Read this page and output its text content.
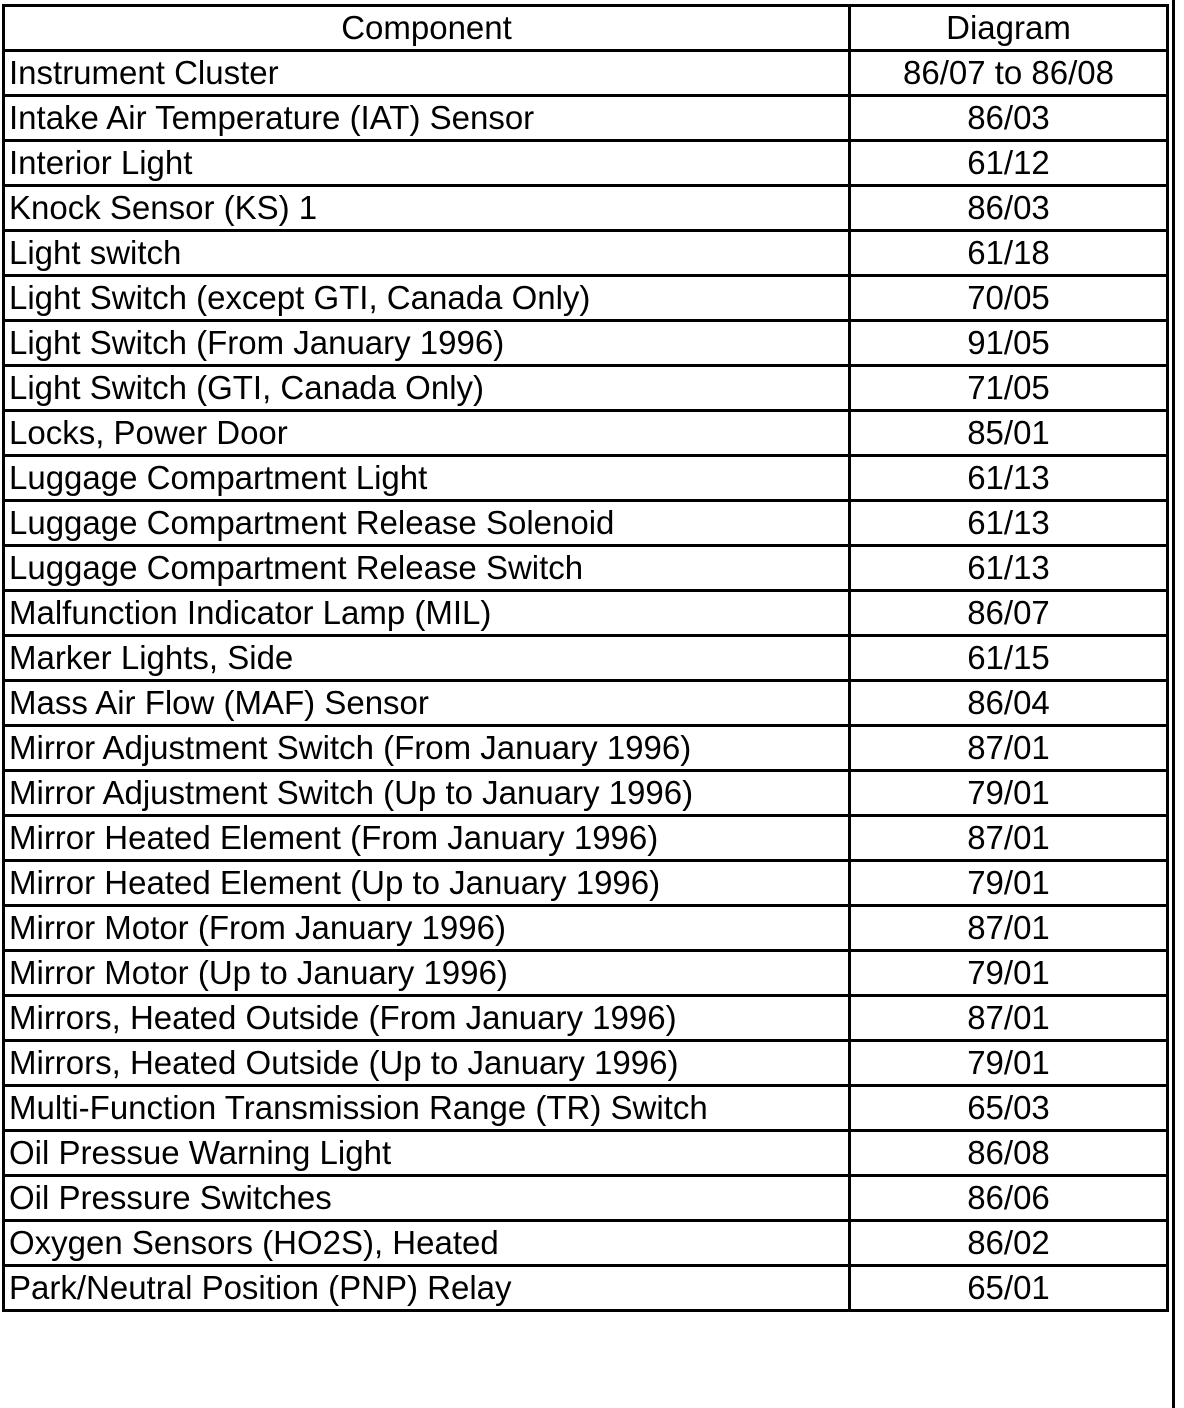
Component	Diagram
Instrument Cluster	86/07 to 86/08
Intake Air Temperature (IAT) Sensor	86/03
Interior Light	61/12
Knock Sensor (KS) 1	86/03
Light switch	61/18
Light Switch (except GTI, Canada Only)	70/05
Light Switch (From January 1996)	91/05
Light Switch (GTI, Canada Only)	71/05
Locks, Power Door	85/01
Luggage Compartment Light	61/13
Luggage Compartment Release Solenoid	61/13
Luggage Compartment Release Switch	61/13
Malfunction Indicator Lamp (MIL)	86/07
Marker Lights, Side	61/15
Mass Air Flow (MAF) Sensor	86/04
Mirror Adjustment Switch (From January 1996)	87/01
Mirror Adjustment Switch (Up to January 1996)	79/01
Mirror Heated Element (From January 1996)	87/01
Mirror Heated Element (Up to January 1996)	79/01
Mirror Motor (From January 1996)	87/01
Mirror Motor (Up to January 1996)	79/01
Mirrors, Heated Outside (From January 1996)	87/01
Mirrors, Heated Outside (Up to January 1996)	79/01
Multi-Function Transmission Range (TR) Switch	65/03
Oil Pressue Warning Light	86/08
Oil Pressure Switches	86/06
Oxygen Sensors (HO2S), Heated	86/02
Park/Neutral Position (PNP) Relay	65/01
